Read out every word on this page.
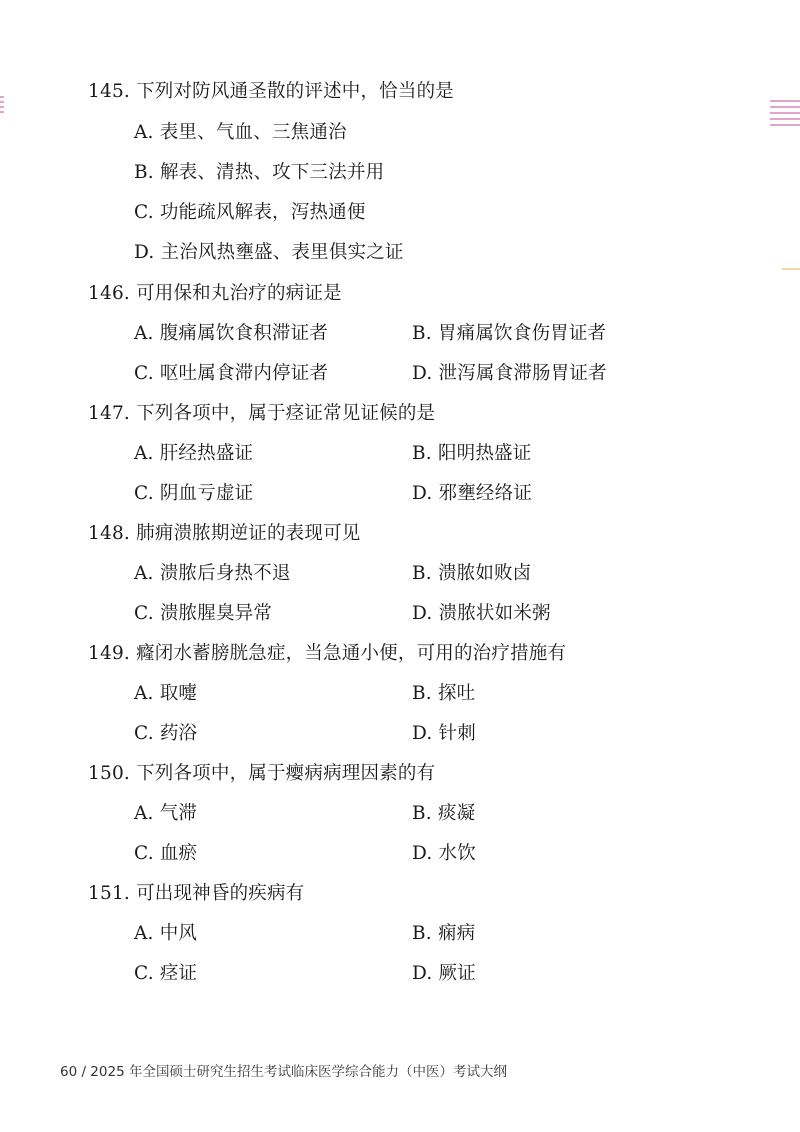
145. 下列对防风通圣散的评述中，恰当的是
A. 表里、气血、三焦通治
B. 解表、清热、攻下三法并用
C. 功能疏风解表，泻热通便
D. 主治风热壅盛、表里俱实之证
146. 可用保和丸治疗的病证是
A. 腹痛属饮食积滞证者	B. 胃痛属饮食伤胃证者
C. 呕吐属食滞内停证者	D. 泄泻属食滞肠胃证者
147. 下列各项中，属于痉证常见证候的是
A. 肝经热盛证	B. 阳明热盛证
C. 阴血亏虚证	D. 邪壅经络证
148. 肺痈溃脓期逆证的表现可见
A. 溃脓后身热不退	B. 溃脓如败卤
C. 溃脓腥臭异常	D. 溃脓状如米粥
149. 癃闭水蓄膀胱急症，当急通小便，可用的治疗措施有
A. 取嚏	B. 探吐
C. 药浴	D. 针刺
150. 下列各项中，属于瘿病病理因素的有
A. 气滞	B. 痰凝
C. 血瘀	D. 水饮
151. 可出现神昏的疾病有
A. 中风	B. 痫病
C. 痉证	D. 厥证
60 / 2025 年全国硕士研究生招生考试临床医学综合能力（中医）考试大纲
